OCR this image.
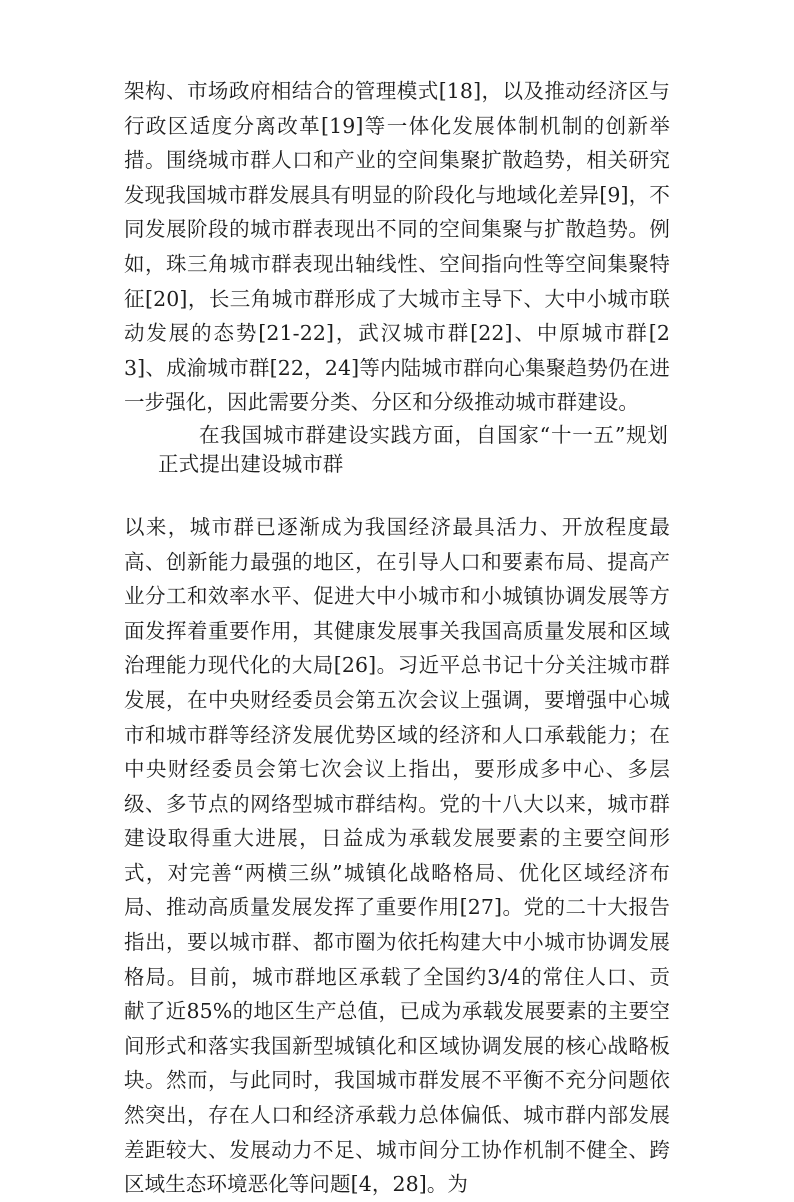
架构、市场政府相结合的管理模式[18]，以及推动经济区与行政区适度分离改革[19]等一体化发展体制机制的创新举措。围绕城市群人口和产业的空间集聚扩散趋势，相关研究发现我国城市群发展具有明显的阶段化与地域化差异[9]，不同发展阶段的城市群表现出不同的空间集聚与扩散趋势。例如，珠三角城市群表现出轴线性、空间指向性等空间集聚特征[20]，长三角城市群形成了大城市主导下、大中小城市联动发展的态势[21-22]，武汉城市群[22]、中原城市群[23]、成渝城市群[22，24]等内陆城市群向心集聚趋势仍在进一步强化，因此需要分类、分区和分级推动城市群建设。

在我国城市群建设实践方面，自国家“十一五”规划正式提出建设城市群

以来，城市群已逐渐成为我国经济最具活力、开放程度最高、创新能力最强的地区，在引导人口和要素布局、提高产业分工和效率水平、促进大中小城市和小城镇协调发展等方面发挥着重要作用，其健康发展事关我国高质量发展和区域治理能力现代化的大局[26]。习近平总书记十分关注城市群发展，在中央财经委员会第五次会议上强调，要增强中心城市和城市群等经济发展优势区域的经济和人口承载能力；在中央财经委员会第七次会议上指出，要形成多中心、多层级、多节点的网络型城市群结构。党的十八大以来，城市群建设取得重大进展，日益成为承载发展要素的主要空间形式，对完善“两横三纵”城镇化战略格局、优化区域经济布局、推动高质量发展发挥了重要作用[27]。党的二十大报告指出，要以城市群、都市圈为依托构建大中小城市协调发展格局。目前，城市群地区承载了全国约3/4的常住人口、贡献了近85%的地区生产总值，已成为承载发展要素的主要空间形式和落实我国新型城镇化和区域协调发展的核心战略板块。然而，与此同时，我国城市群发展不平衡不充分问题依然突出，存在人口和经济承载力总体偏低、城市群内部发展差距较大、发展动力不足、城市间分工协作机制不健全、跨区域生态环境恶化等问题[4，28]。为
